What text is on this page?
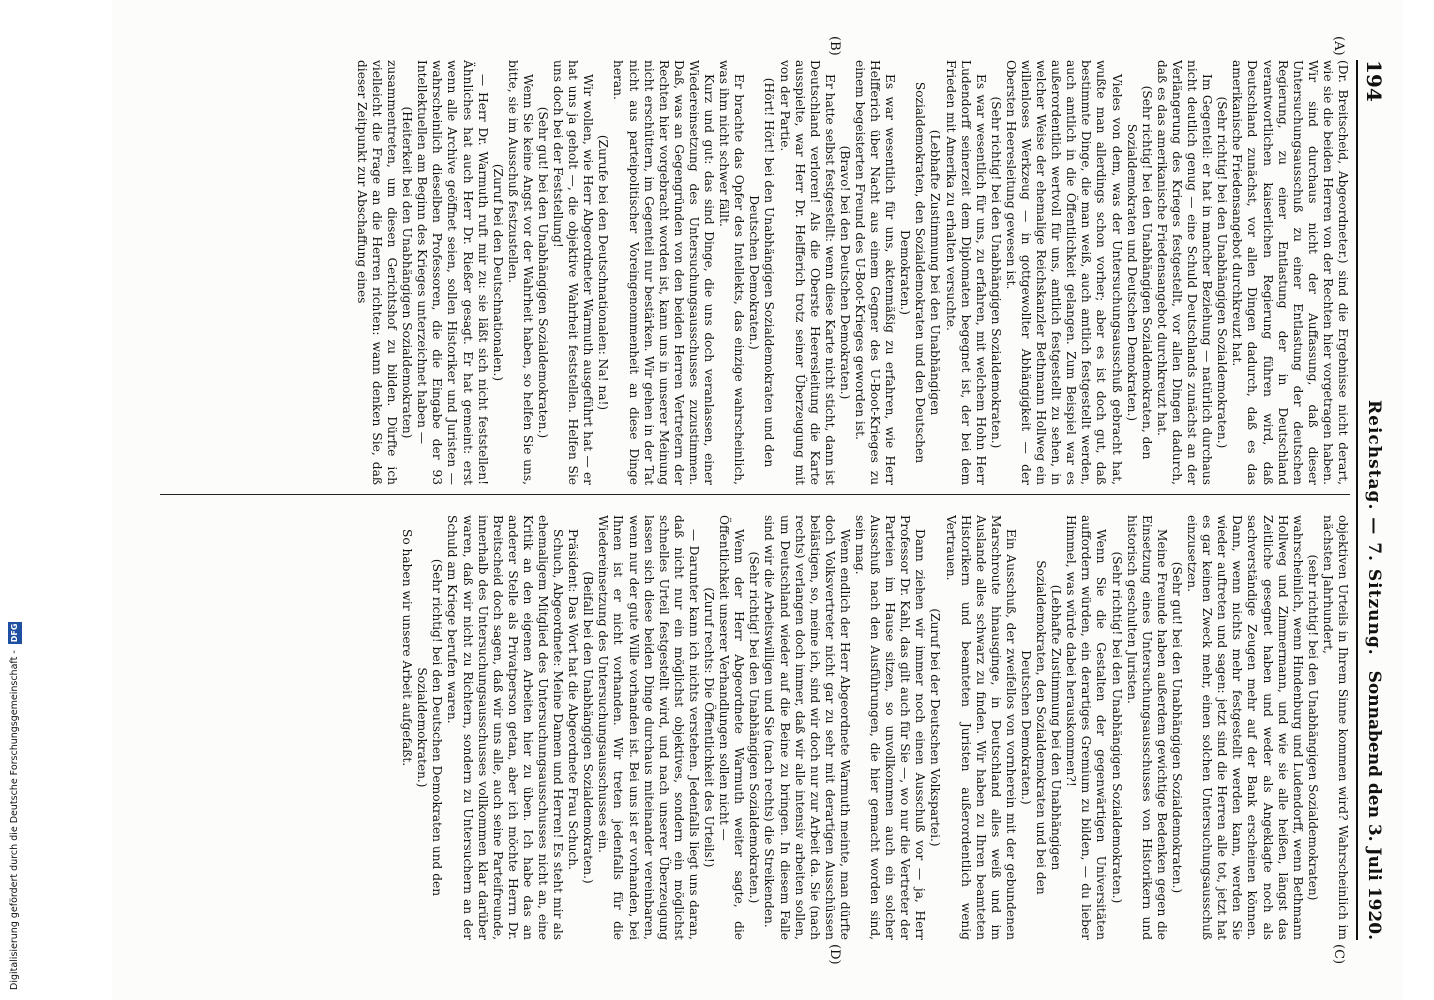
Digitalisierung gefördert durch die Deutsche Forschungsgemeinschaft -DFG
194
Reichstag. — 7. Sitzung.
Sonnabend den 3. Juli 1920.
(A)
(B)
(C)
(D)

(Dr. Breitscheid, Abgeordneter.) sind die Ergebnisse nicht derart, wie sie die beiden Herren von der Rechten hier vorgetragen haben. Wir sind durchaus nicht der Auffassung, daß dieser Untersuchungsausschuß zu einer Entlastung der deutschen Regierung, zu einer Entlastung der in Deutschland verantwortlichen kaiserlichen Regierung führen wird, daß Deutschland zunächst, vor allen Dingen dadurch, daß es das amerikanische Friedensangebot durchkreuzt hat.

(Sehr richtig! bei den Unabhängigen Sozialdemokraten.)

Im Gegenteil: er hat in mancher Beziehung — natürlich durchaus nicht deutlich genug — eine Schuld Deutschlands zunächst an der Verlängerung des Krieges festgestellt, vor allen Dingen dadurch, daß es das amerikanische Friedensangebot durchkreuzt hat.

(Sehr richtig! bei den Unabhängigen Sozialdemokraten, den Sozialdemokraten und Deutschen Demokraten.)

Vieles von dem, was der Untersuchungsausschuß gebracht hat, wußte man allerdings schon vorher; aber es ist doch gut, daß bestimmte Dinge, die man weiß, auch amtlich festgestellt werden, auch amtlich in die Öffentlichkeit gelangen. Zum Beispiel war es außerordentlich wertvoll für uns, amtlich festgestellt zu sehen, in welcher Weise der ehemalige Reichskanzler Bethmann Hollweg ein willenloses Werkzeug — in gottgewollter Abhängigkeit — der Obersten Heeresleitung gewesen ist.

(Sehr richtig! bei den Unabhängigen Sozialdemokraten.)

Es war wesentlich für uns, zu erfahren, mit welchem Hohn Herr Ludendorff seinerzeit dem Diplomaten begegnet ist, der bei dem Frieden mit Amerika zu erhalten versuchte.

(Lebhafte Zustimmung bei den Unabhängigen Sozialdemokraten, den Sozialdemokraten und den Deutschen Demokraten.)

Es war wesentlich für uns, aktenmäßig zu erfahren, wie Herr Helfferich über Nacht aus einem Gegner des U-Boot-Krieges zu einem begeisterten Freund des U-Boot-Krieges geworden ist.

(Bravo! bei den Deutschen Demokraten.)

Er hatte selbst festgestellt: wenn diese Karte nicht sticht, dann ist Deutschland verloren! Als die Oberste Heeresleitung die Karte ausspielte, war Herr Dr. Helfferich trotz seiner Überzeugung mit von der Partie.

(Hört! Hört! bei den Unabhängigen Sozialdemokraten und den Deutschen Demokraten.)

Er brachte das Opfer des Intellekts, das einzige wahrscheinlich, was ihm nicht schwer fällt.

Kurz und gut: das sind Dinge, die uns doch veranlassen, einer Wiedereinsetzung des Untersuchungsausschusses zuzustimmen. Daß, was an Gegengründen von den beiden Herren Vertretern der Rechten hier vorgebracht worden ist, kann uns in unserer Meinung nicht erschüttern, im Gegenteil nur bestärken. Wir gehen in der Tat nicht aus parteipolitischer Voreingenommenheit an diese Dinge heran.

(Zurufe bei den Deutschnationalen: Na! na!)

Wir wollen, wie Herr Abgeordneter Warmuth ausgeführt hat — er hat uns ja geholt —, die objektive Wahrheit feststellen. Helfen Sie uns doch bei der Feststellung!

(Sehr gut! bei den Unabhängigen Sozialdemokraten.)

Wenn Sie keine Angst vor der Wahrheit haben, so helfen Sie uns, bitte, sie im Ausschuß festzustellen.

(Zuruf bei den Deutschnationalen.)

— Herr Dr. Warmuth ruft mir zu: sie läßt sich nicht feststellen! Ähnliches hat auch Herr Dr. Rießer gesagt. Er hat gemeint: erst wenn alle Archive geöffnet seien, sollen Historiker und Juristen — wahrscheinlich dieselben Professoren, die die Eingabe der 93 Intellektuellen am Beginn des Krieges unterzeichnet haben —

(Heiterkeit bei den Unabhängigen Sozialdemokraten)

zusammentreten, um diesen Gerichtshof zu bilden. Dürfte ich vielleicht die Frage an die Herren richten: wann denken Sie, daß dieser Zeitpunkt zur Abschaffung eines

objektiven Urteils in Ihrem Sinne kommen wird? Wahrscheinlich im nächsten Jahrhundert,

(sehr richtig! bei den Unabhängigen Sozialdemokraten)

wahrscheinlich, wenn Hindenburg und Ludendorff, wenn Bethmann Hollweg und Zimmermann, und wie sie alle heißen, längst das Zeitliche gesegnet haben und weder als Angeklagte noch als sachverständige Zeugen mehr auf der Bank erscheinen können. Dann, wenn nichts mehr festgestellt werden kann, werden Sie wieder auftreten und sagen: jetzt sind die Herren alle tot, jetzt hat es gar keinen Zweck mehr, einen solchen Untersuchungsausschuß einzusetzen.

(Sehr gut! bei den Unabhängigen Sozialdemokraten.)

Meine Freunde haben außerdem gewichtige Bedenken gegen die Einsetzung eines Untersuchungsausschusses von Historikern und historisch geschulten Juristen.

(Sehr richtig! bei den Unabhängigen Sozialdemokraten.)

Wenn Sie die Gestalten der gegenwärtigen Universitäten auffordern würden, ein derartiges Gremium zu bilden, — du lieber Himmel, was würde dabei herauskommen?!

(Lebhafte Zustimmung bei den Unabhängigen Sozialdemokraten, den Sozialdemokraten und bei den Deutschen Demokraten.)

Ein Ausschuß, der zweifellos von vornherein mit der gebundenen Marschroute hinausginge, in Deutschland alles weiß und im Auslande alles schwarz zu finden. Wir haben zu Ihren beamteten Historikern und beamteten Juristen außerordentlich wenig Vertrauen.

(Zuruf bei der Deutschen Volkspartei.)

Dann ziehen wir immer noch einen Ausschuß vor — ja, Herr Professor Dr. Kahl, das gilt auch für Sie —, wo nur die Vertreter der Parteien im Hause sitzen, so unvollkommen auch ein solcher Ausschuß nach den Ausführungen, die hier gemacht worden sind, sein mag.

Wenn endlich der Herr Abgeordnete Warmuth meinte, man dürfte doch Volksvertreter nicht gar zu sehr mit derartigen Ausschüssen belästigen, so, meine ich, sind wir doch nur zur Arbeit da. Sie (nach rechts) verlangen doch immer, daß wir alle intensiv arbeiten sollen, um Deutschland wieder auf die Beine zu bringen. In diesem Falle sind wir die Arbeitswilligen und Sie (nach rechts) die Streikenden.

(Sehr richtig! bei den Unabhängigen Sozialdemokraten.)

Wenn der Herr Abgeordnete Warmuth weiter sagte, die Öffentlichkeit unserer Verhandlungen sollen nicht —

(Zuruf rechts: Die Öffentlichkeit des Urteils!)

— Darunter kann ich nichts verstehen. Jedenfalls liegt uns daran, daß nicht nur ein möglichst objektives, sondern ein möglichst schnelles Urteil festgestellt wird, und nach unserer Überzeugung lassen sich diese beiden Dinge durchaus miteinander vereinbaren, wenn nur der gute Wille vorhanden ist. Bei uns ist er vorhanden, bei Ihnen ist er nicht vorhanden. Wir treten jedenfalls für die Wiedereinsetzung des Untersuchungsausschusses ein.

(Beifall bei den Unabhängigen Sozialdemokraten.)

Präsident: Das Wort hat die Abgeordnete Frau Schuch.

Schuch, Abgeordnete: Meine Damen und Herren! Es steht mir als ehemaligem Mitglied des Untersuchungsausschusses nicht an, eine Kritik an den eigenen Arbeiten hier zu üben. Ich habe das an anderer Stelle als Privatperson getan, aber ich möchte Herrn Dr. Breitscheid doch sagen, daß wir uns alle, auch seine Parteifreunde, innerhalb des Untersuchungsausschusses vollkommen klar darüber waren, daß wir nicht zu Richtern, sondern zu Untersuchern an der Schuld am Kriege berufen waren.

(Sehr richtig! bei den Deutschen Demokraten und den Sozialdemokraten.)

So haben wir unsere Arbeit aufgefaßt.
